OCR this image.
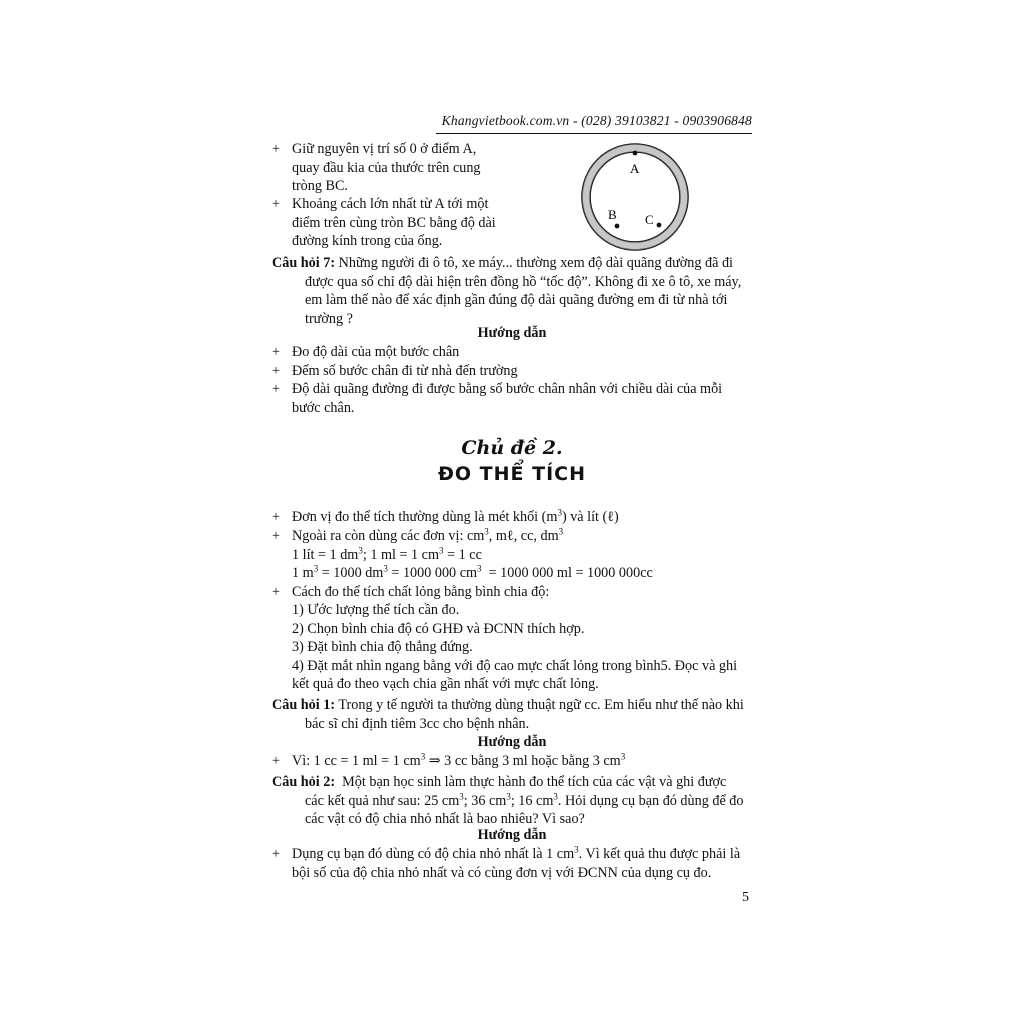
Khangvietbook.com.vn - (028) 39103821 - 0903906848
+ Giữ nguyên vị trí số 0 ở điểm A,
quay đầu kia của thước trên cung
tròng BC.
+ Khoảng cách lớn nhất từ A tới một
điểm trên cùng tròn BC bằng độ dài
đường kính trong của ống.
A
B C
Câu hỏi 7: Những người đi ô tô, xe máy... thường xem độ dài quãng đường đã đi
được qua số chỉ độ dài hiện trên đồng hồ “tốc độ”. Không đi xe ô tô, xe máy,
em làm thế nào để xác định gần đúng độ dài quãng đường em đi từ nhà tới
trường ?
Hướng dẫn
+ Đo độ dài của một bước chân
+ Đếm số bước chân đi từ nhà đến trường
+ Độ dài quãng đường đi được bằng số bước chân nhân với chiều dài của mỗi
bước chân.
Chủ đề 2.
ĐO THỂ TÍCH
+ Đơn vị đo thể tích thường dùng là mét khối $(m^3)$ và lít (ℓ)
+ Ngoài ra còn dùng các đơn vị: $cm^3$, mℓ, cc, $dm^3$
1 lít = 1 $dm^3$; 1 ml = 1 $cm^3 = 1$ cc
1 $m^3 = 1000$ $dm^3 = 1000$ 000 $cm^3 = 1000$ 000 ml = 1000 000cc
+ Cách đo thể tích chất lỏng bằng bình chia độ:
1) Ước lượng thể tích cần đo.
2) Chọn bình chia độ có GHĐ và ĐCNN thích hợp.
3) Đặt bình chia độ thẳng đứng.
4) Đặt mắt nhìn ngang bằng với độ cao mực chất lỏng trong bình5. Đọc và ghi
kết quả đo theo vạch chia gần nhất với mực chất lỏng.
Câu hỏi 1: Trong y tế người ta thường dùng thuật ngữ cc. Em hiểu như thế nào khi
bác sĩ chỉ định tiêm 3cc cho bệnh nhân.
Hướng dẫn
+ Vì: 1 cc = 1 ml = 1 $cm^3$ ⇒ 3 cc bằng 3 ml hoặc bằng 3 $cm^3$
Câu hỏi 2: Một bạn học sinh làm thực hành đo thể tích của các vật và ghi được
các kết quả như sau: 25 $cm^3$; 36 $cm^3$; 16 $cm^3$. Hỏi dụng cụ bạn đó dùng để đo
các vật có độ chia nhỏ nhất là bao nhiêu? Vì sao?
Hướng dẫn
+ Dụng cụ bạn đó dùng có độ chia nhỏ nhất là 1 $cm^3$. Vì kết quả thu được phải là
bội số của độ chia nhỏ nhất và có cùng đơn vị với ĐCNN của dụng cụ đo.
5
